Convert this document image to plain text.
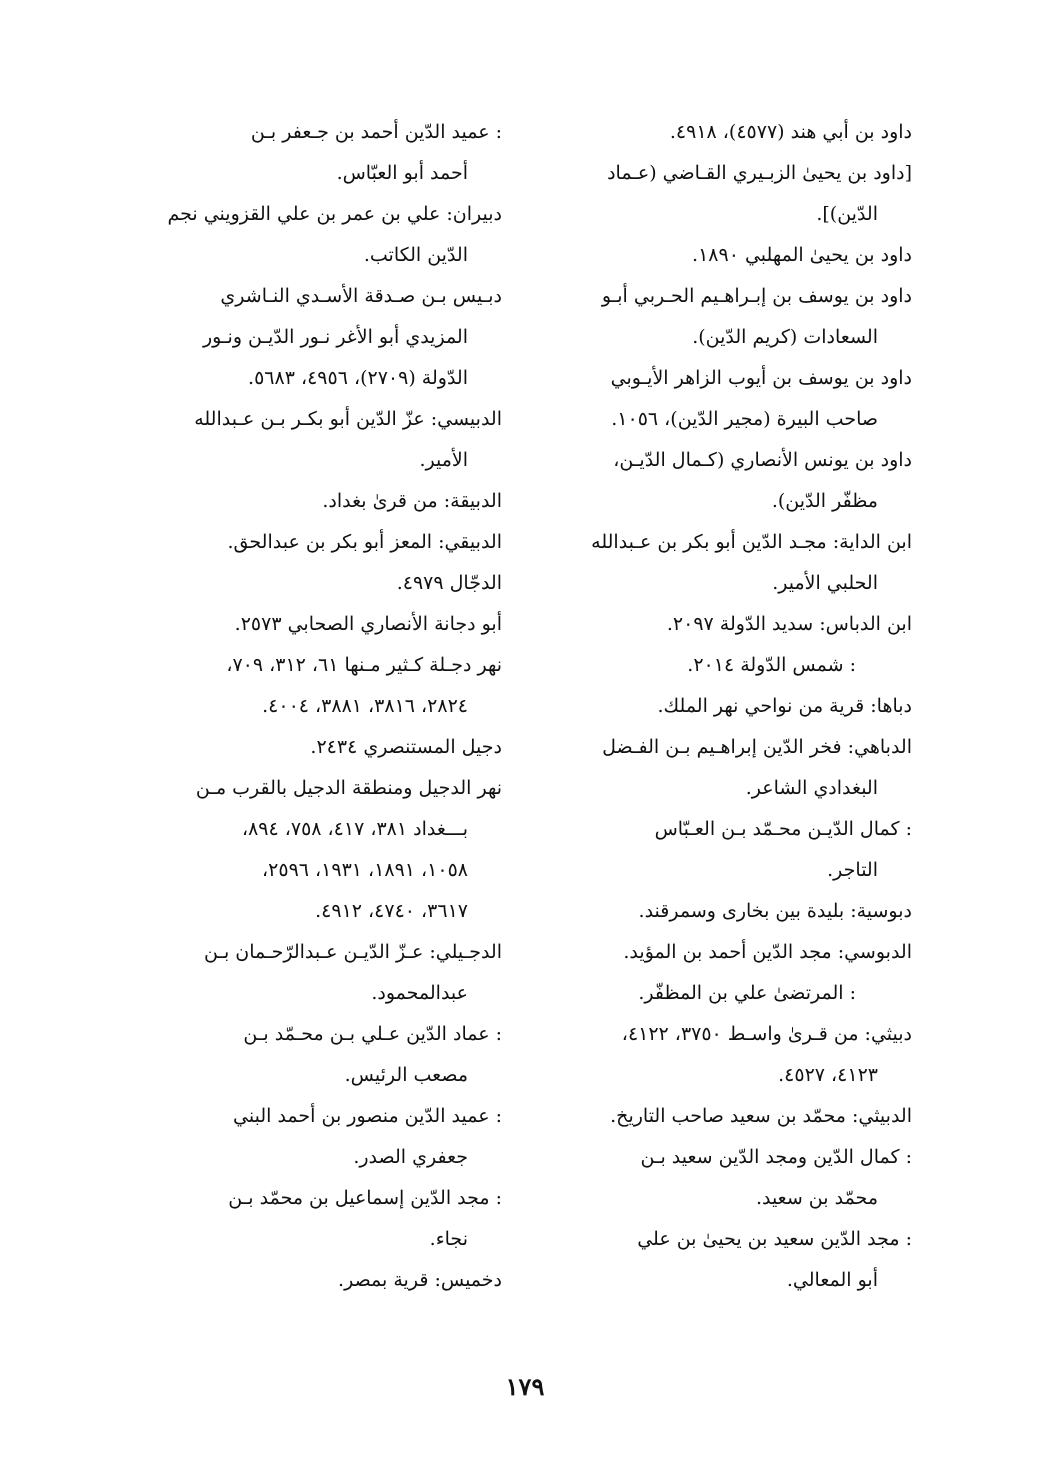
داود بن أبي هند (٤٥٧٧)، ٤٩١٨.
[داود بن يحيىٰ الزبـيري القـاضي (عـماد
الدّين)].
داود بن يحيىٰ المهلبي ١٨٩٠.
داود بن يوسف بن إبـراهـيم الحـربي أبـو
السعادات (كريم الدّين).
داود بن يوسف بن أيوب الزاهر الأيـوبي
صاحب البيرة (مجير الدّين)، ١٠٥٦.
داود بن يونس الأنصاري (كـمال الدّيـن،
مظفّر الدّين).
ابن الداية: مجـد الدّين أبو بكر بن عـبدالله
الحلبي الأمير.
ابن الدباس: سديد الدّولة ٢٠٩٧.
: شمس الدّولة ٢٠١٤.
دباها: قرية من نواحي نهر الملك.
الدباهي: فخر الدّين إبراهـيم بـن الفـضل
البغدادي الشاعر.
: كمال الدّيـن محـمّد بـن العـبّاس
التاجر.
دبوسية: بليدة بين بخارى وسمرقند.
الدبوسي: مجد الدّين أحمد بن المؤيد.
: المرتضىٰ علي بن المظفّر.
دبيثي: من قـرىٰ واسـط ٣٧٥٠، ٤١٢٢،
٤١٢٣، ٤٥٢٧.
الدبيثي: محمّد بن سعيد صاحب التاريخ.
: كمال الدّين ومجد الدّين سعيد بـن
محمّد بن سعيد.
: مجد الدّين سعيد بن يحيىٰ بن علي
أبو المعالي.
: عميد الدّين أحمد بن جـعفر بـن
أحمد أبو العبّاس.
دبيران: علي بن عمر بن علي القزويني نجم
الدّين الكاتب.
دبـيس بـن صـدقة الأسـدي النـاشري
المزيدي أبو الأغر نـور الدّيـن ونـور
الدّولة (٢٧٠٩)، ٤٩٥٦، ٥٦٨٣.
الدبيسي: عزّ الدّين أبو بكـر بـن عـبدالله
الأمير.
الدبيقة: من قرىٰ بغداد.
الدبيقي: المعز أبو بكر بن عبدالحق.
الدجّال ٤٩٧٩.
أبو دجانة الأنصاري الصحابي ٢٥٧٣.
نهر دجـلة كـثير مـنها ٦١، ٣١٢، ٧٠٩،
٢٨٢٤، ٣٨١٦، ٣٨٨١، ٤٠٠٤.
دجيل المستنصري ٢٤٣٤.
نهر الدجيل ومنطقة الدجيل بالقرب مـن
بـــغداد ٣٨١، ٤١٧، ٧٥٨، ٨٩٤،
١٠٥٨، ١٨٩١، ١٩٣١، ٢٥٩٦،
٣٦١٧، ٤٧٤٠، ٤٩١٢.
الدجـيلي: عـزّ الدّيـن عـبدالرّحـمان بـن
عبدالمحمود.
: عماد الدّين عـلي بـن محـمّد بـن
مصعب الرئيس.
: عميد الدّين منصور بن أحمد البني
جعفري الصدر.
: مجد الدّين إسماعيل بن محمّد بـن
نجاء.
دخميس: قرية بمصر.
١٧٩
